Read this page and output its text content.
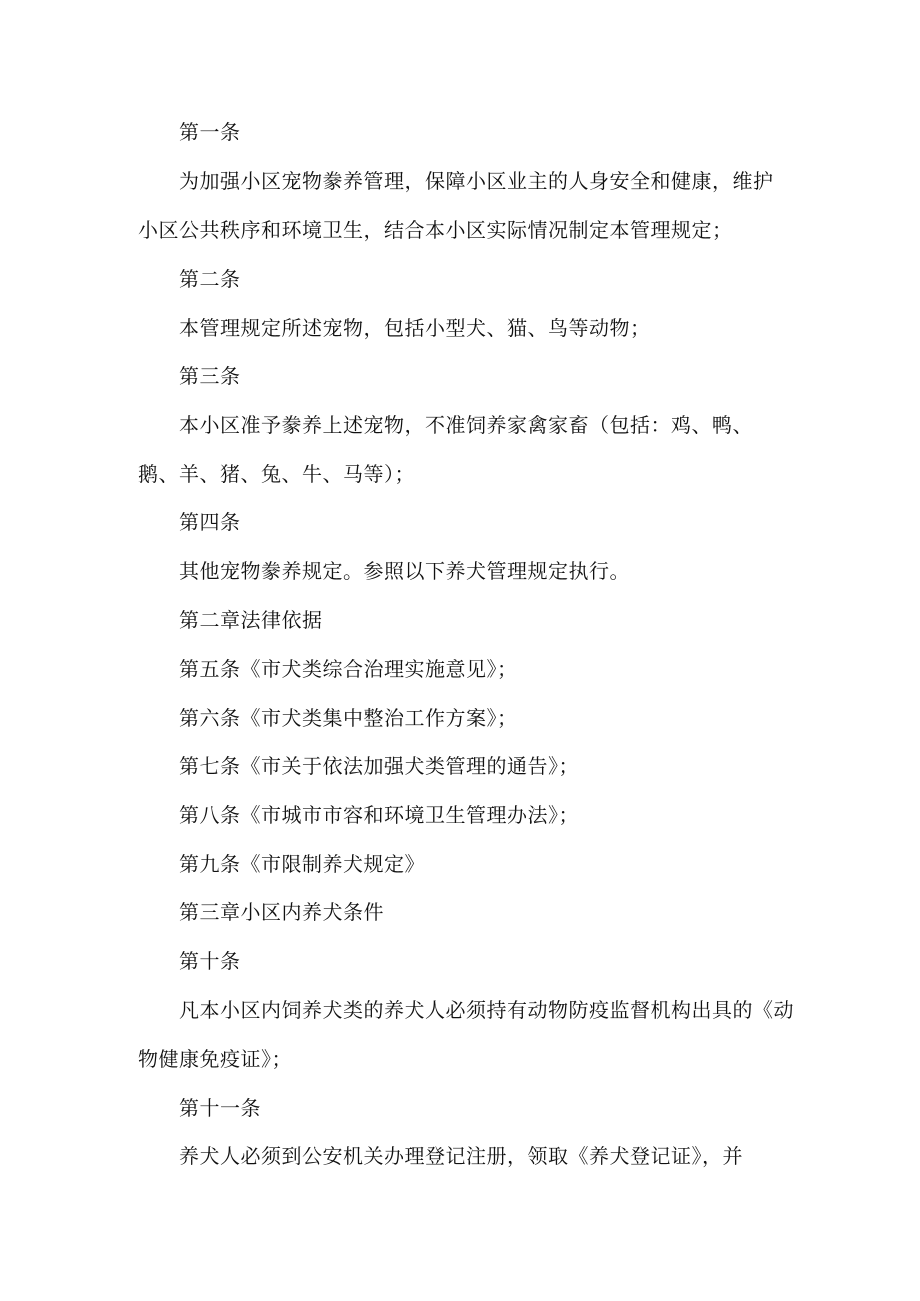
第一条
为加强小区宠物豢养管理，保障小区业主的人身安全和健康，维护
小区公共秩序和环境卫生，结合本小区实际情况制定本管理规定；
第二条
本管理规定所述宠物，包括小型犬、猫、鸟等动物；
第三条
本小区准予豢养上述宠物，不准饲养家禽家畜（包括：鸡、鸭、
鹅、羊、猪、兔、牛、马等）；
第四条
其他宠物豢养规定。参照以下养犬管理规定执行。
第二章法律依据
第五条《市犬类综合治理实施意见》；
第六条《市犬类集中整治工作方案》；
第七条《市关于依法加强犬类管理的通告》；
第八条《市城市市容和环境卫生管理办法》；
第九条《市限制养犬规定》
第三章小区内养犬条件
第十条
凡本小区内饲养犬类的养犬人必须持有动物防疫监督机构出具的《动
物健康免疫证》；
第十一条
养犬人必须到公安机关办理登记注册，领取《养犬登记证》，并
